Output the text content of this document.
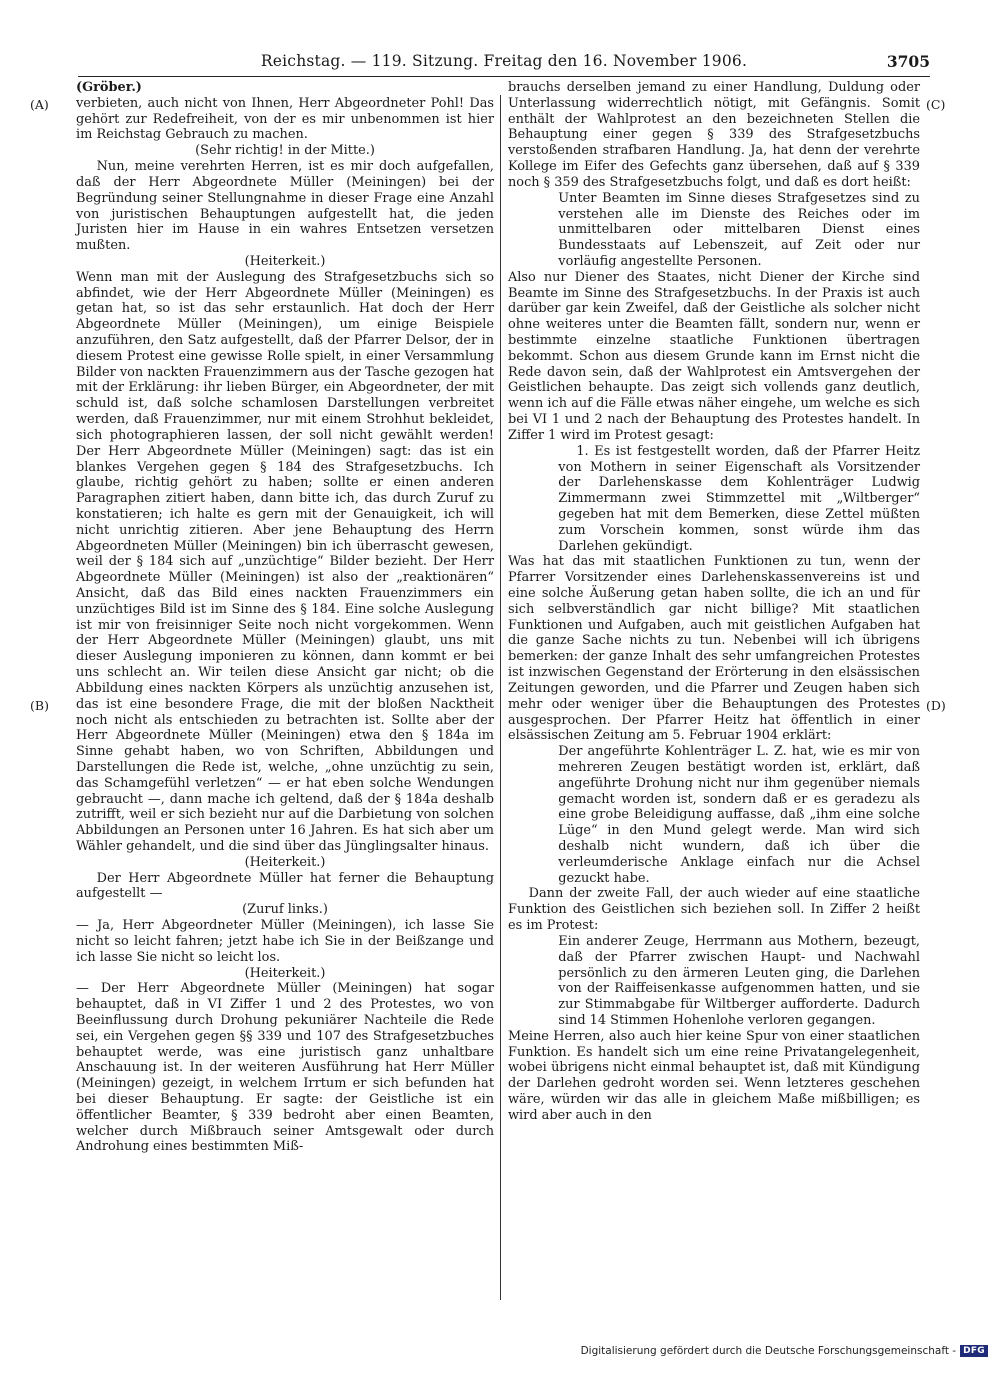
Reichstag. — 119. Sitzung. Freitag den 16. November 1906.	3705
(A)
(B)
(C)
(D)

(Gröber.)

verbieten, auch nicht von Ihnen, Herr Abgeordneter Pohl! Das gehört zur Redefreiheit, von der es mir unbenommen ist hier im Reichstag Gebrauch zu machen.

(Sehr richtig! in der Mitte.)

Nun, meine verehrten Herren, ist es mir doch aufgefallen, daß der Herr Abgeordnete Müller (Meiningen) bei der Begründung seiner Stellungnahme in dieser Frage eine Anzahl von juristischen Behauptungen aufgestellt hat, die jeden Juristen hier im Hause in ein wahres Entsetzen versetzen mußten.

(Heiterkeit.)

Wenn man mit der Auslegung des Strafgesetzbuchs sich so abfindet, wie der Herr Abgeordnete Müller (Meiningen) es getan hat, so ist das sehr erstaunlich. Hat doch der Herr Abgeordnete Müller (Meiningen), um einige Beispiele anzuführen, den Satz aufgestellt, daß der Pfarrer Delsor, der in diesem Protest eine gewisse Rolle spielt, in einer Versammlung Bilder von nackten Frauenzimmern aus der Tasche gezogen hat mit der Erklärung: ihr lieben Bürger, ein Abgeordneter, der mit schuld ist, daß solche schamlosen Darstellungen verbreitet werden, daß Frauenzimmer, nur mit einem Strohhut bekleidet, sich photographieren lassen, der soll nicht gewählt werden! Der Herr Abgeordnete Müller (Meiningen) sagt: das ist ein blankes Vergehen gegen § 184 des Strafgesetzbuchs. Ich glaube, richtig gehört zu haben; sollte er einen anderen Paragraphen zitiert haben, dann bitte ich, das durch Zuruf zu konstatieren; ich halte es gern mit der Genauigkeit, ich will nicht unrichtig zitieren. Aber jene Behauptung des Herrn Abgeordneten Müller (Meiningen) bin ich überrascht gewesen, weil der § 184 sich auf „unzüchtige“ Bilder bezieht. Der Herr Abgeordnete Müller (Meiningen) ist also der „reaktionären“ Ansicht, daß das Bild eines nackten Frauenzimmers ein unzüchtiges Bild ist im Sinne des § 184. Eine solche Auslegung ist mir von freisinniger Seite noch nicht vorgekommen. Wenn der Herr Abgeordnete Müller (Meiningen) glaubt, uns mit dieser Auslegung imponieren zu können, dann kommt er bei uns schlecht an. Wir teilen diese Ansicht gar nicht; ob die Abbildung eines nackten Körpers als unzüchtig anzusehen ist, das ist eine besondere Frage, die mit der bloßen Nacktheit noch nicht als entschieden zu betrachten ist. Sollte aber der Herr Abgeordnete Müller (Meiningen) etwa den § 184a im Sinne gehabt haben, wo von Schriften, Abbildungen und Darstellungen die Rede ist, welche, „ohne unzüchtig zu sein, das Schamgefühl verletzen“ — er hat eben solche Wendungen gebraucht —, dann mache ich geltend, daß der § 184a deshalb zutrifft, weil er sich bezieht nur auf die Darbietung von solchen Abbildungen an Personen unter 16 Jahren. Es hat sich aber um Wähler gehandelt, und die sind über das Jünglingsalter hinaus.

(Heiterkeit.)

Der Herr Abgeordnete Müller hat ferner die Behauptung aufgestellt —

(Zuruf links.)

— Ja, Herr Abgeordneter Müller (Meiningen), ich lasse Sie nicht so leicht fahren; jetzt habe ich Sie in der Beißzange und ich lasse Sie nicht so leicht los.

(Heiterkeit.)

— Der Herr Abgeordnete Müller (Meiningen) hat sogar behauptet, daß in VI Ziffer 1 und 2 des Protestes, wo von Beeinflussung durch Drohung pekuniärer Nachteile die Rede sei, ein Vergehen gegen §§ 339 und 107 des Strafgesetzbuches behauptet werde, was eine juristisch ganz unhaltbare Anschauung ist. In der weiteren Ausführung hat Herr Müller (Meiningen) gezeigt, in welchem Irrtum er sich befunden hat bei dieser Behauptung. Er sagte: der Geistliche ist ein öffentlicher Beamter, § 339 bedroht aber einen Beamten, welcher durch Mißbrauch seiner Amtsgewalt oder durch Androhung eines bestimmten Miß-

brauchs derselben jemand zu einer Handlung, Duldung oder Unterlassung widerrechtlich nötigt, mit Gefängnis. Somit enthält der Wahlprotest an den bezeichneten Stellen die Behauptung einer gegen § 339 des Strafgesetzbuchs verstoßenden strafbaren Handlung. Ja, hat denn der verehrte Kollege im Eifer des Gefechts ganz übersehen, daß auf § 339 noch § 359 des Strafgesetzbuchs folgt, und daß es dort heißt:

Unter Beamten im Sinne dieses Strafgesetzes sind zu verstehen alle im Dienste des Reiches oder im unmittelbaren oder mittelbaren Dienst eines Bundesstaats auf Lebenszeit, auf Zeit oder nur vorläufig angestellte Personen.

Also nur Diener des Staates, nicht Diener der Kirche sind Beamte im Sinne des Strafgesetzbuchs. In der Praxis ist auch darüber gar kein Zweifel, daß der Geistliche als solcher nicht ohne weiteres unter die Beamten fällt, sondern nur, wenn er bestimmte einzelne staatliche Funktionen übertragen bekommt. Schon aus diesem Grunde kann im Ernst nicht die Rede davon sein, daß der Wahlprotest ein Amtsvergehen der Geistlichen behaupte. Das zeigt sich vollends ganz deutlich, wenn ich auf die Fälle etwas näher eingehe, um welche es sich bei VI 1 und 2 nach der Behauptung des Protestes handelt. In Ziffer 1 wird im Protest gesagt:

1. Es ist festgestellt worden, daß der Pfarrer Heitz von Mothern in seiner Eigenschaft als Vorsitzender der Darlehenskasse dem Kohlenträger Ludwig Zimmermann zwei Stimmzettel mit „Wiltberger“ gegeben hat mit dem Bemerken, diese Zettel müßten zum Vorschein kommen, sonst würde ihm das Darlehen gekündigt.

Was hat das mit staatlichen Funktionen zu tun, wenn der Pfarrer Vorsitzender eines Darlehenskassenvereins ist und eine solche Äußerung getan haben sollte, die ich an und für sich selbverständlich gar nicht billige? Mit staatlichen Funktionen und Aufgaben, auch mit geistlichen Aufgaben hat die ganze Sache nichts zu tun. Nebenbei will ich übrigens bemerken: der ganze Inhalt des sehr umfangreichen Protestes ist inzwischen Gegenstand der Erörterung in den elsässischen Zeitungen geworden, und die Pfarrer und Zeugen haben sich mehr oder weniger über die Behauptungen des Protestes ausgesprochen. Der Pfarrer Heitz hat öffentlich in einer elsässischen Zeitung am 5. Februar 1904 erklärt:

Der angeführte Kohlenträger L. Z. hat, wie es mir von mehreren Zeugen bestätigt worden ist, erklärt, daß angeführte Drohung nicht nur ihm gegenüber niemals gemacht worden ist, sondern daß er es geradezu als eine grobe Beleidigung auffasse, daß „ihm eine solche Lüge“ in den Mund gelegt werde. Man wird sich deshalb nicht wundern, daß ich über die verleumderische Anklage einfach nur die Achsel gezuckt habe.

Dann der zweite Fall, der auch wieder auf eine staatliche Funktion des Geistlichen sich beziehen soll. In Ziffer 2 heißt es im Protest:

Ein anderer Zeuge, Herrmann aus Mothern, bezeugt, daß der Pfarrer zwischen Haupt- und Nachwahl persönlich zu den ärmeren Leuten ging, die Darlehen von der Raiffeisenkasse aufgenommen hatten, und sie zur Stimmabgabe für Wiltberger aufforderte. Dadurch sind 14 Stimmen Hohenlohe verloren gegangen.

Meine Herren, also auch hier keine Spur von einer staatlichen Funktion. Es handelt sich um eine reine Privatangelegenheit, wobei übrigens nicht einmal behauptet ist, daß mit Kündigung der Darlehen gedroht worden sei. Wenn letzteres geschehen wäre, würden wir das alle in gleichem Maße mißbilligen; es wird aber auch in den

Digitalisierung gefördert durch die Deutsche Forschungsgemeinschaft - DFG
